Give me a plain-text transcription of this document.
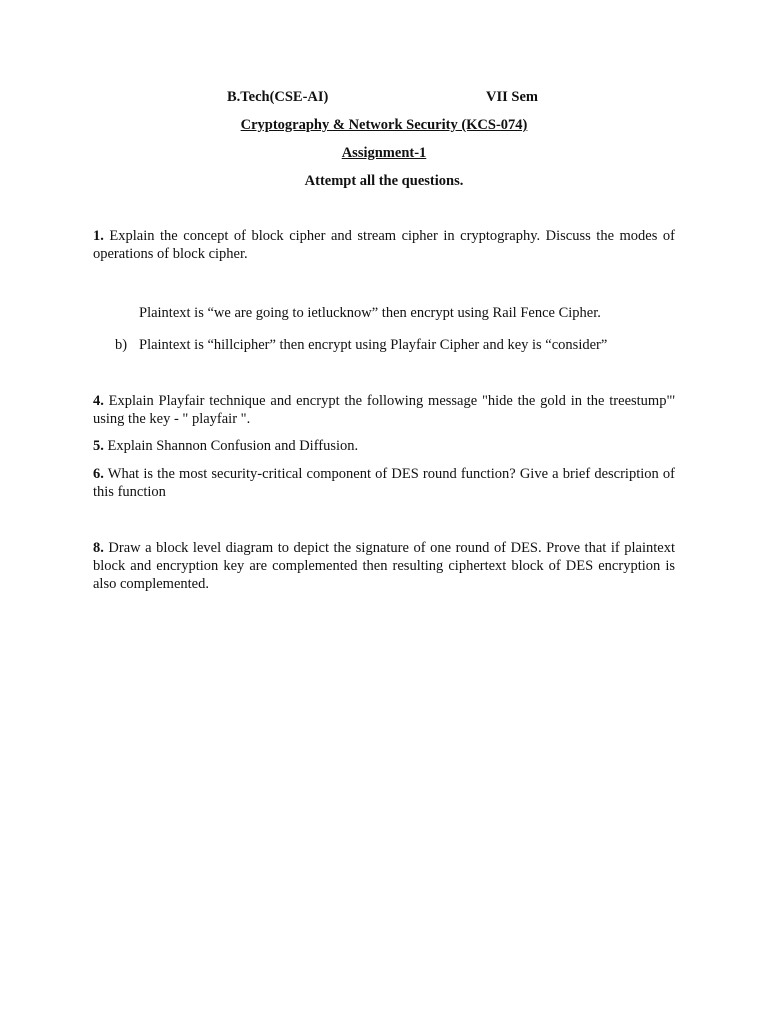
B.Tech(CSE-AI)	VII Sem
Cryptography & Network Security (KCS-074)
Assignment-1
Attempt all the questions.
1. Explain the concept of block cipher and stream cipher in cryptography. Discuss the modes of operations of block cipher.
Plaintext is “we are going to ietlucknow” then encrypt using Rail Fence Cipher.
b) Plaintext is “hillcipher” then encrypt using Playfair Cipher and key is “consider”
4. Explain Playfair technique and encrypt the following message "hide the gold in the treestump"' using the key - " playfair ".
5. Explain Shannon Confusion and Diffusion.
6. What is the most security-critical component of DES round function? Give a brief description of this function
8. Draw a block level diagram to depict the signature of one round of DES. Prove that if plaintext block and encryption key are complemented then resulting ciphertext block of DES encryption is also complemented.
